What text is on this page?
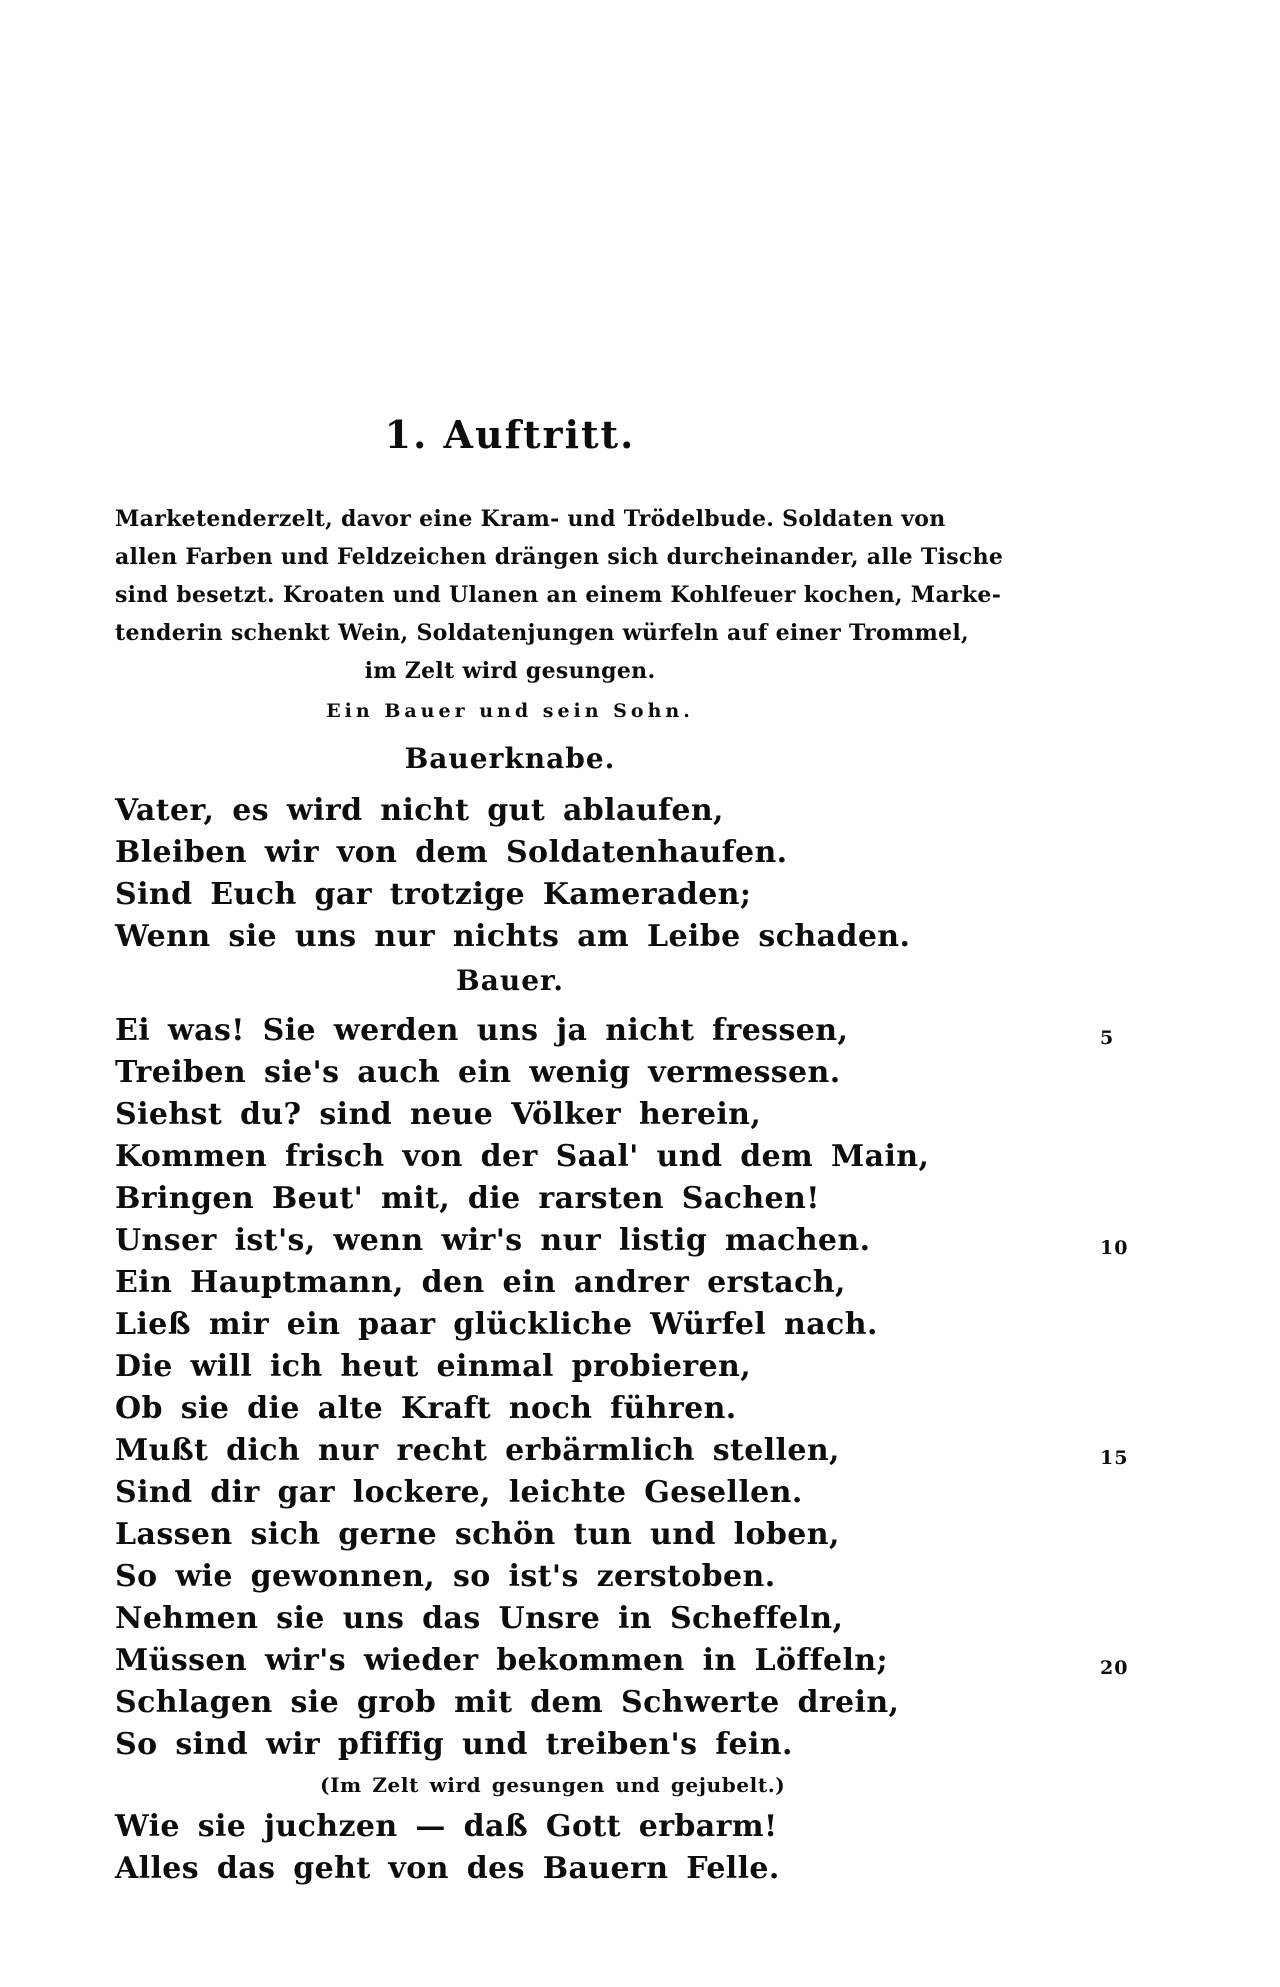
1. Auftritt.
Marketenderzelt, davor eine Kram- und Trödelbude. Soldaten von
allen Farben und Feldzeichen drängen sich durcheinander, alle Tische
sind besetzt. Kroaten und Ulanen an einem Kohlfeuer kochen, Marke-
tenderin schenkt Wein, Soldatenjungen würfeln auf einer Trommel,
im Zelt wird gesungen.
Ein Bauer und sein Sohn.
Bauerknabe.
Vater, es wird nicht gut ablaufen,
Bleiben wir von dem Soldatenhaufen.
Sind Euch gar trotzige Kameraden;
Wenn sie uns nur nichts am Leibe schaden.
Bauer.
Ei was! Sie werden uns ja nicht fressen,	5
Treiben sie's auch ein wenig vermessen.
Siehst du? sind neue Völker herein,
Kommen frisch von der Saal' und dem Main,
Bringen Beut' mit, die rarsten Sachen!
Unser ist's, wenn wir's nur listig machen.	10
Ein Hauptmann, den ein andrer erstach,
Ließ mir ein paar glückliche Würfel nach.
Die will ich heut einmal probieren,
Ob sie die alte Kraft noch führen.
Mußt dich nur recht erbärmlich stellen,	15
Sind dir gar lockere, leichte Gesellen.
Lassen sich gerne schön tun und loben,
So wie gewonnen, so ist's zerstoben.
Nehmen sie uns das Unsre in Scheffeln,
Müssen wir's wieder bekommen in Löffeln;	20
Schlagen sie grob mit dem Schwerte drein,
So sind wir pfiffig und treiben's fein.
(Im Zelt wird gesungen und gejubelt.)
Wie sie juchzen — daß Gott erbarm!
Alles das geht von des Bauern Felle.
